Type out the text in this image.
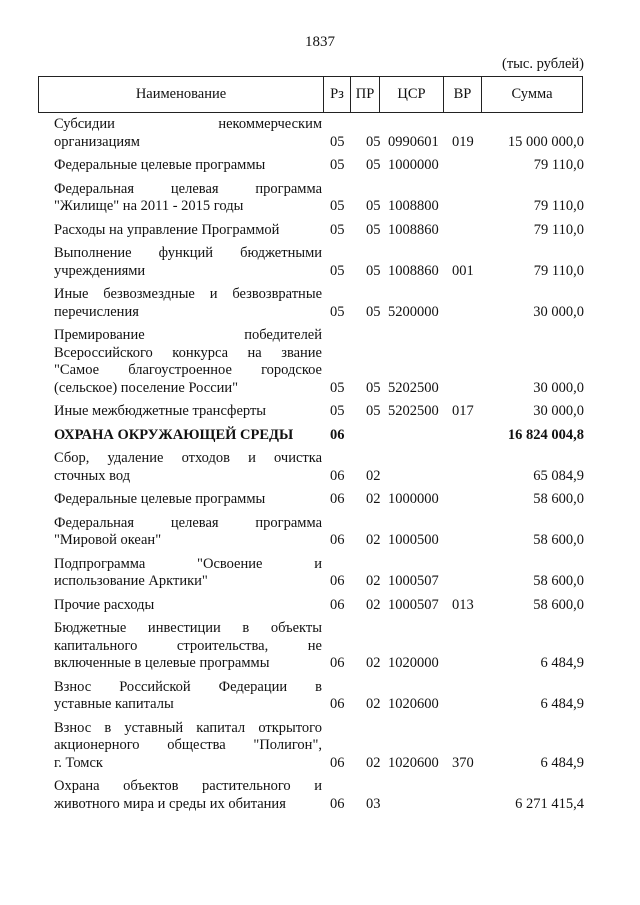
1837
(тыс. рублей)
Наименование	Рз ПР	ЦСР	ВР	Сумма
Субсидии некоммерческим
организациям	05	05 0990601 019	15 000 000,0
Федеральные целевые программы	05	05 1000000	79 110,0
Федеральная целевая программа
"Жилище" на 2011 - 2015 годы	05	05 1008800	79 110,0
Расходы на управление Программой	05	05 1008860	79 110,0
Выполнение функций бюджетными
учреждениями	05	05 1008860 001	79 110,0
Иные безвозмездные и безвозвратные
перечисления	05	05 5200000	30 000,0
Премирование победителей
Всероссийского конкурса на звание
"Самое благоустроенное городское
(сельское) поселение России"	05	05 5202500	30 000,0
Иные межбюджетные трансферты	05	05 5202500 017	30 000,0
ОХРАНА ОКРУЖАЮЩЕЙ СРЕДЫ	06	16 824 004,8
Сбор, удаление отходов и очистка
сточных вод	06	02	65 084,9
Федеральные целевые программы	06	02 1000000	58 600,0
Федеральная целевая программа
"Мировой океан"	06	02 1000500	58 600,0
Подпрограмма "Освоение и
использование Арктики"	06	02 1000507	58 600,0
Прочие расходы	06	02 1000507 013	58 600,0
Бюджетные инвестиции в объекты
капитального строительства, не
включенные в целевые программы	06	02 1020000	6 484,9
Взнос Российской Федерации в
уставные капиталы	06	02 1020600	6 484,9
Взнос в уставный капитал открытого
акционерного общества "Полигон",
г. Томск	06	02 1020600 370	6 484,9
Охрана объектов растительного и
животного мира и среды их обитания	06	03	6 271 415,4
